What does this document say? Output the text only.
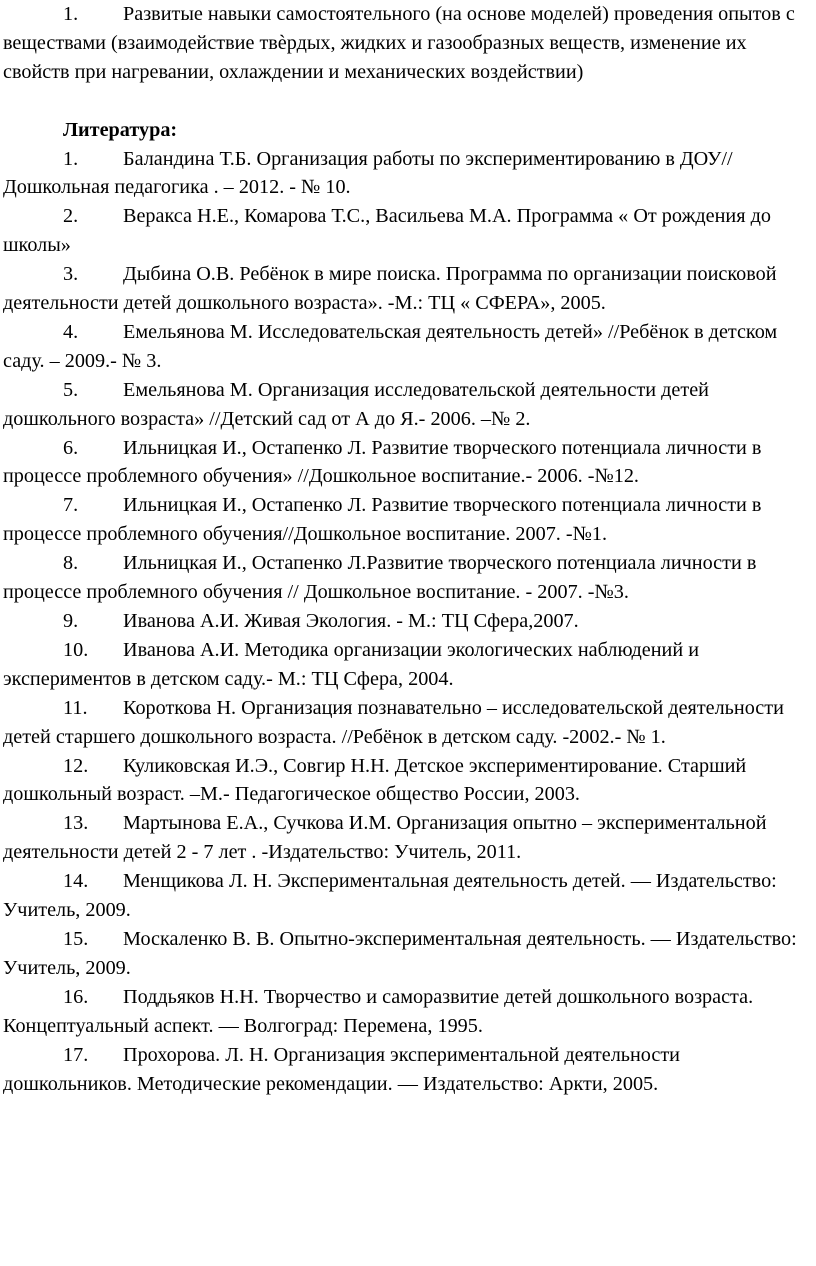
1. Развитые навыки самостоятельного (на основе моделей) проведения опытов с веществами (взаимодействие твѐрдых, жидких и газообразных веществ, изменение их свойств при нагревании, охлаждении и механических воздействии)

Литература:

1. Баландина Т.Б. Организация работы по экспериментированию в ДОУ//Дошкольная педагогика . – 2012. - № 10.

2. Веракса Н.Е., Комарова Т.С., Васильева М.А. Программа « От рождения до школы»

3. Дыбина О.В. Ребёнок в мире поиска. Программа по организации поисковой деятельности детей дошкольного возраста». -М.: ТЦ « СФЕРА», 2005.

4. Емельянова М. Исследовательская деятельность детей» //Ребёнок в детском саду. – 2009.- № 3.

5. Емельянова М. Организация исследовательской деятельности детей дошкольного возраста» //Детский сад от А до Я.- 2006. –№ 2.

6. Ильницкая И., Остапенко Л. Развитие творческого потенциала личности в процессе проблемного обучения» //Дошкольное воспитание.- 2006. -№12.

7. Ильницкая И., Остапенко Л. Развитие творческого потенциала личности в процессе проблемного обучения//Дошкольное воспитание. 2007. -№1.

8. Ильницкая И., Остапенко Л.Развитие творческого потенциала личности в процессе проблемного обучения // Дошкольное воспитание. - 2007. -№3.

9. Иванова А.И. Живая Экология. - М.: ТЦ Сфера,2007.

10. Иванова А.И. Методика организации экологических наблюдений и экспериментов в детском саду.- М.: ТЦ Сфера, 2004.

11. Короткова Н. Организация познавательно – исследовательской деятельности детей старшего дошкольного возраста. //Ребёнок в детском саду. -2002.- № 1.

12. Куликовская И.Э., Совгир Н.Н. Детское экспериментирование. Старший дошкольный возраст. –М.- Педагогическое общество России, 2003.

13. Мартынова Е.А., Сучкова И.М. Организация опытно – экспериментальной деятельности детей 2 - 7 лет . -Издательство: Учитель, 2011.

14. Менщикова Л. Н. Экспериментальная деятельность детей. — Издательство: Учитель, 2009.

15. Москаленко В. В. Опытно-экспериментальная деятельность. — Издательство: Учитель, 2009.

16. Поддьяков Н.Н. Творчество и саморазвитие детей дошкольного возраста. Концептуальный аспект. — Волгоград: Перемена, 1995.

17. Прохорова. Л. Н. Организация экспериментальной деятельности дошкольников. Методические рекомендации. — Издательство: Аркти, 2005.
